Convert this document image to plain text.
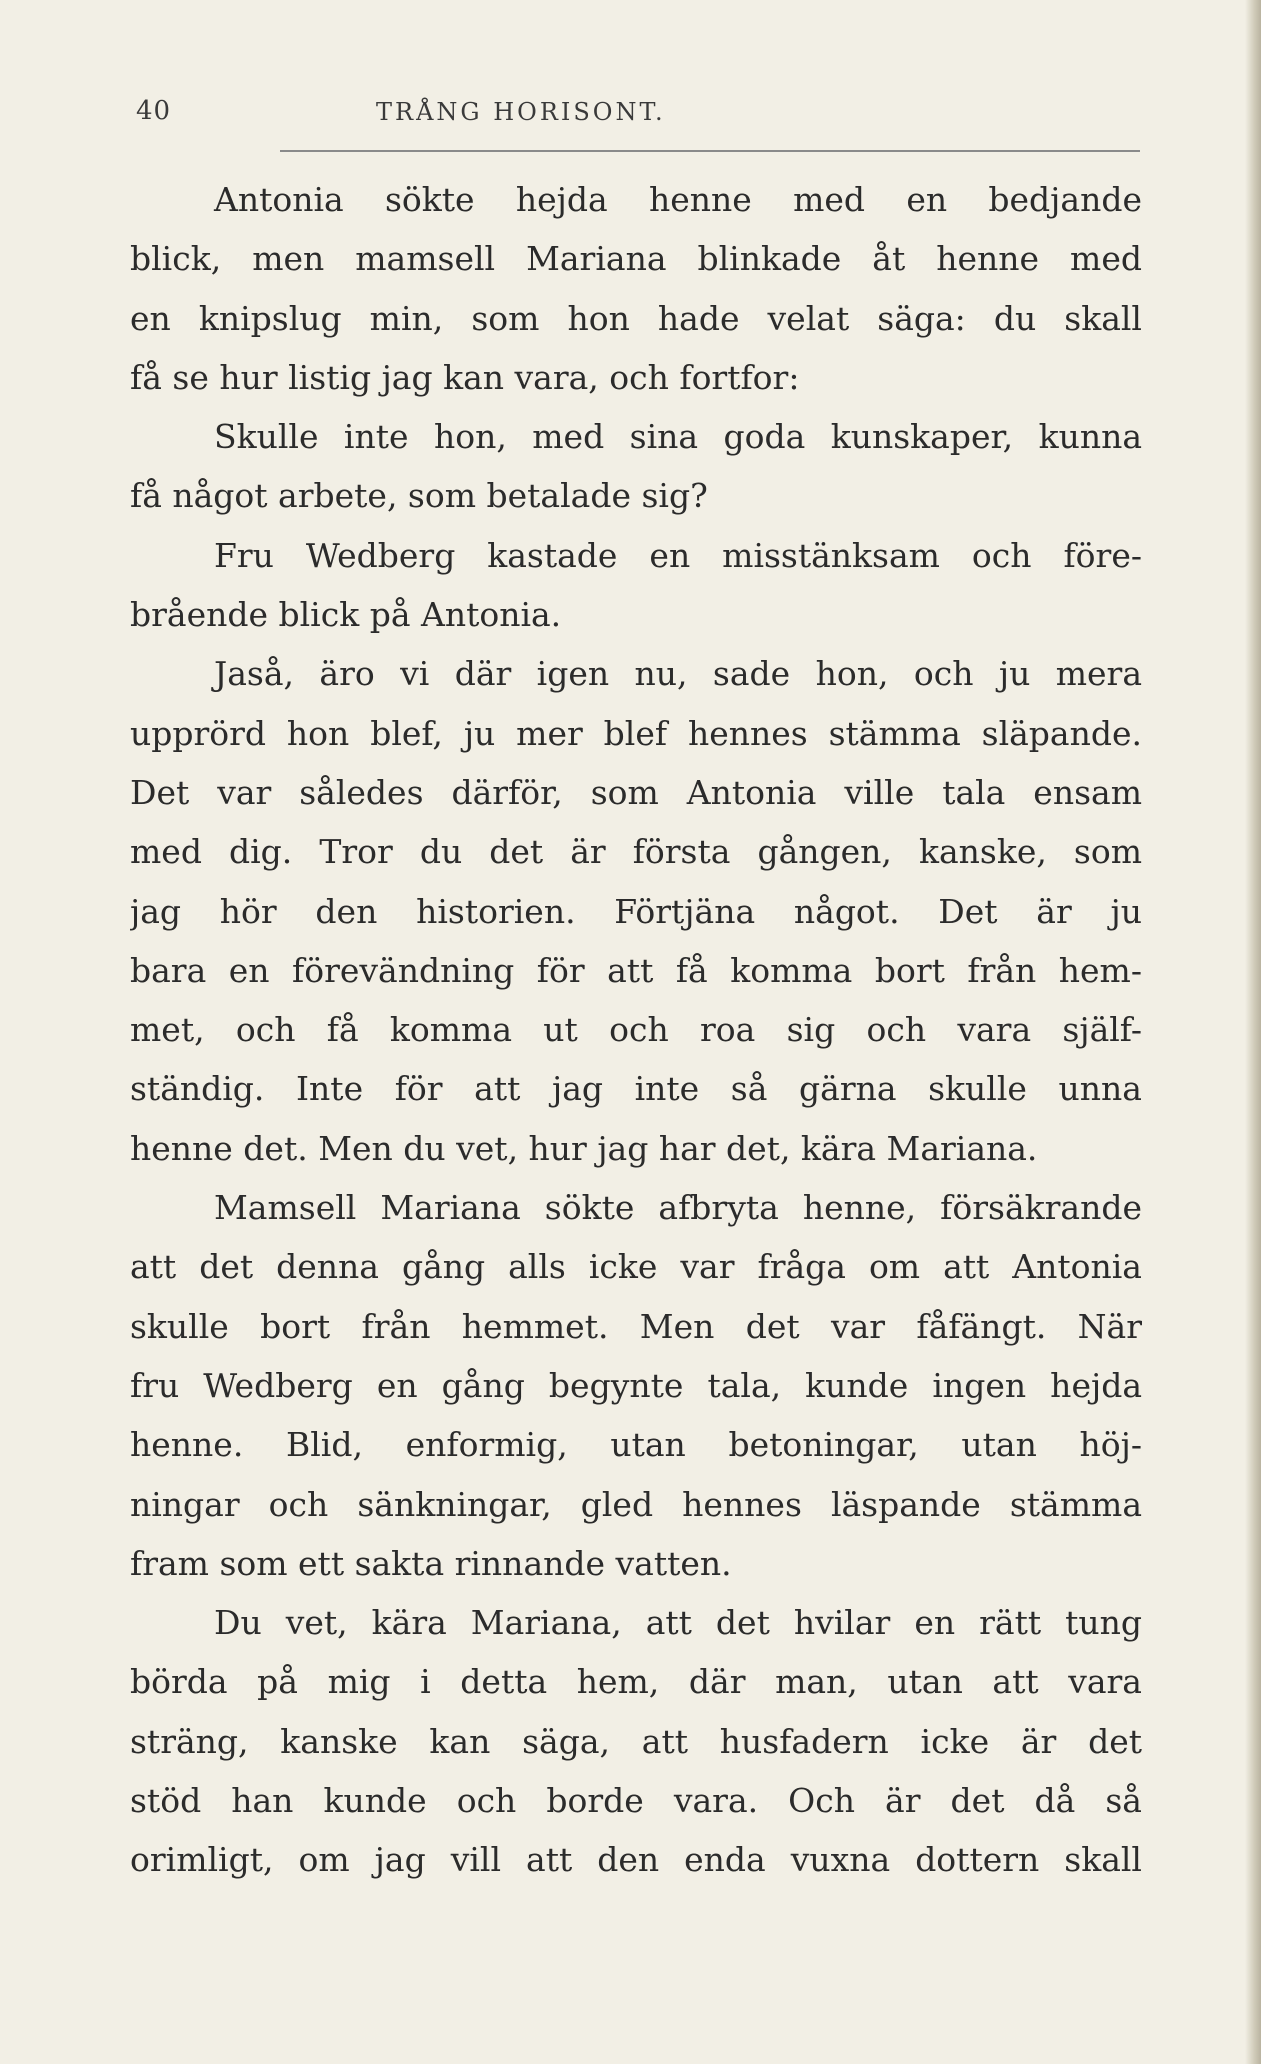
40	TRÅNG HORISONT.
Antonia sökte hejda henne med en bedjande
blick, men mamsell Mariana blinkade åt henne med
en knipslug min, som hon hade velat säga: du skall
få se hur listig jag kan vara, och fortfor:
Skulle inte hon, med sina goda kunskaper, kunna
få något arbete, som betalade sig?
Fru Wedberg kastade en misstänksam och före-
brående blick på Antonia.
Jaså, äro vi där igen nu, sade hon, och ju mera
upprörd hon blef, ju mer blef hennes stämma släpande.
Det var således därför, som Antonia ville tala ensam
med dig. Tror du det är första gången, kanske, som
jag hör den historien. Förtjäna något. Det är ju
bara en förevändning för att få komma bort från hem-
met, och få komma ut och roa sig och vara själf-
ständig. Inte för att jag inte så gärna skulle unna
henne det. Men du vet, hur jag har det, kära Mariana.
Mamsell Mariana sökte afbryta henne, försäkrande
att det denna gång alls icke var fråga om att Antonia
skulle bort från hemmet. Men det var fåfängt. När
fru Wedberg en gång begynte tala, kunde ingen hejda
henne. Blid, enformig, utan betoningar, utan höj-
ningar och sänkningar, gled hennes läspande stämma
fram som ett sakta rinnande vatten.
Du vet, kära Mariana, att det hvilar en rätt tung
börda på mig i detta hem, där man, utan att vara
sträng, kanske kan säga, att husfadern icke är det
stöd han kunde och borde vara. Och är det då så
orimligt, om jag vill att den enda vuxna dottern skall
